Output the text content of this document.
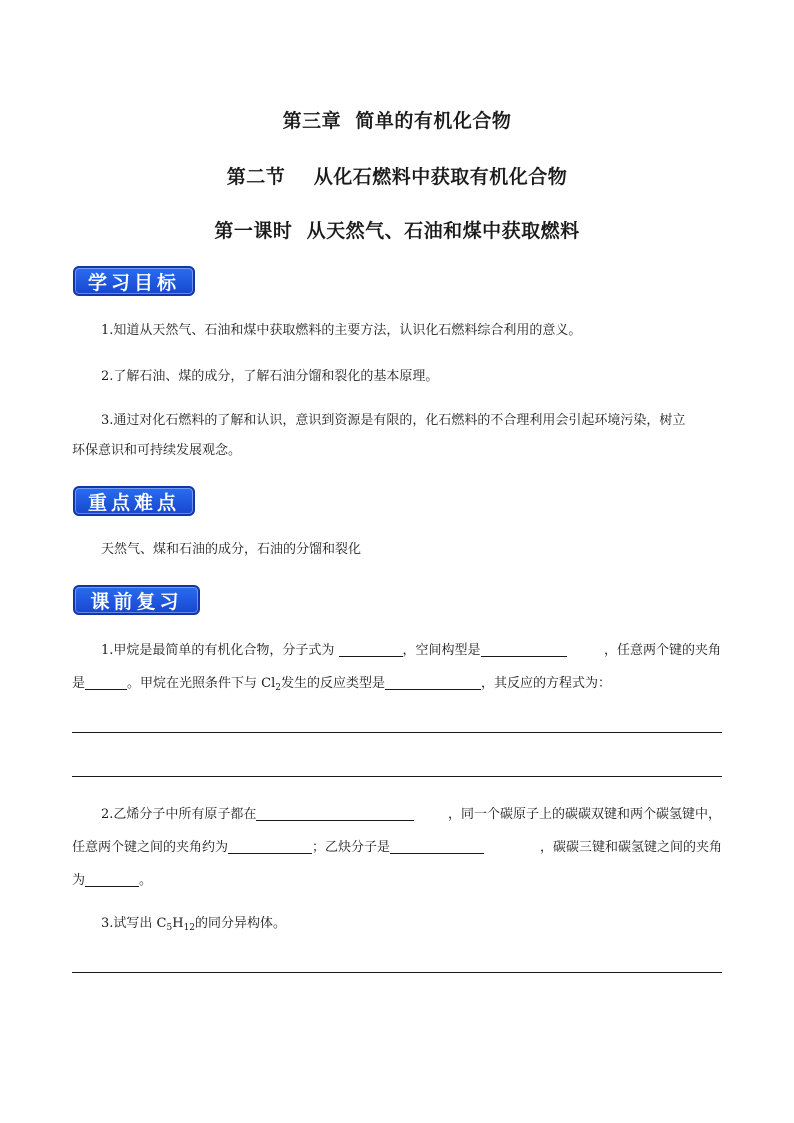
第三章  简单的有机化合物
第二节    从化石燃料中获取有机化合物
第一课时  从天然气、石油和煤中获取燃料
学习目标
1.知道从天然气、石油和煤中获取燃料的主要方法，认识化石燃料综合利用的意义。
2.了解石油、煤的成分，了解石油分馏和裂化的基本原理。
3.通过对化石燃料的了解和认识，意识到资源是有限的，化石燃料的不合理利用会引起环境污染，树立
环保意识和可持续发展观念。
重点难点
天然气、煤和石油的成分，石油的分馏和裂化
课前复习
1.甲烷是最简单的有机化合物，分子式为	，空间构型是	，任意两个键的夹角
是	。甲烷在光照条件下与 $Cl_2$发生的反应类型是	，其反应的方程式为：
2.乙烯分子中所有原子都在	，同一个碳原子上的碳碳双键和两个碳氢键中，
任意两个键之间的夹角约为	；乙炔分子是	，碳碳三键和碳氢键之间的夹角
为	。
3.试写出 $C_5H_{12}$的同分异构体。
